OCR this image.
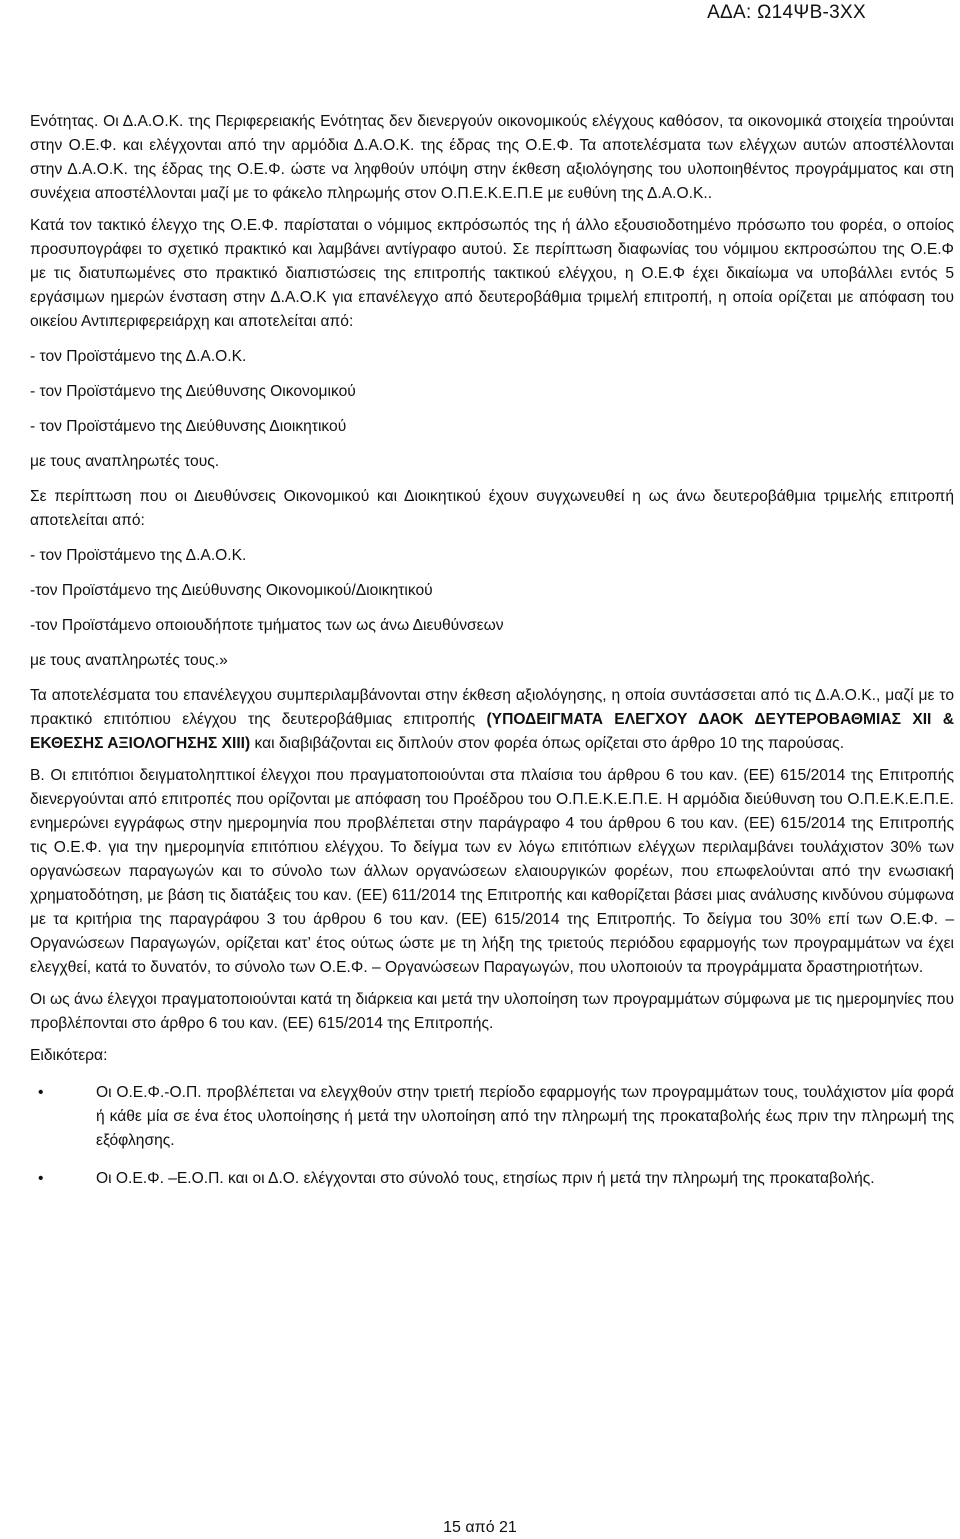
ΑΔΑ: Ω14ΨΒ-3ΧΧ

Ενότητας. Οι Δ.Α.Ο.Κ. της Περιφερειακής Ενότητας δεν διενεργούν οικονομικούς ελέγχους καθόσον, τα οικονομικά στοιχεία τηρούνται στην Ο.Ε.Φ. και ελέγχονται από την αρμόδια Δ.Α.Ο.Κ. της έδρας της Ο.Ε.Φ. Τα αποτελέσματα των ελέγχων αυτών αποστέλλονται στην Δ.Α.Ο.Κ. της έδρας της Ο.Ε.Φ. ώστε να ληφθούν υπόψη στην έκθεση αξιολόγησης του υλοποιηθέντος προγράμματος και στη συνέχεια αποστέλλονται μαζί με το φάκελο πληρωμής στον Ο.Π.Ε.Κ.Ε.Π.Ε με ευθύνη της Δ.Α.Ο.Κ..

Κατά τον τακτικό έλεγχο της Ο.Ε.Φ. παρίσταται ο νόμιμος εκπρόσωπός της ή άλλο εξουσιοδοτημένο πρόσωπο του φορέα, ο οποίος προσυπογράφει το σχετικό πρακτικό και λαμβάνει αντίγραφο αυτού. Σε περίπτωση διαφωνίας του νόμιμου εκπροσώπου της Ο.Ε.Φ με τις διατυπωμένες στο πρακτικό διαπιστώσεις της επιτροπής τακτικού ελέγχου, η Ο.Ε.Φ έχει δικαίωμα να υποβάλλει εντός 5 εργάσιμων ημερών ένσταση στην Δ.Α.Ο.Κ για επανέλεγχο από δευτεροβάθμια τριμελή επιτροπή, η οποία ορίζεται με απόφαση του οικείου Αντιπεριφερειάρχη και αποτελείται από:

- τον Προϊστάμενο της Δ.Α.Ο.Κ.

- τον Προϊστάμενο της Διεύθυνσης Οικονομικού

- τον Προϊστάμενο της Διεύθυνσης Διοικητικού

με τους αναπληρωτές τους.

Σε περίπτωση που οι Διευθύνσεις Οικονομικού και Διοικητικού έχουν συγχωνευθεί η ως άνω δευτεροβάθμια τριμελής επιτροπή αποτελείται από:

- τον Προϊστάμενο της Δ.Α.Ο.Κ.

-τον Προϊστάμενο της Διεύθυνσης Οικονομικού/Διοικητικού

-τον Προϊστάμενο οποιουδήποτε τμήματος των ως άνω Διευθύνσεων

με τους αναπληρωτές τους.»

Τα αποτελέσματα του επανέλεγχου συμπεριλαμβάνονται στην έκθεση αξιολόγησης, η οποία συντάσσεται από τις Δ.Α.Ο.Κ., μαζί με το πρακτικό επιτόπιου ελέγχου της δευτεροβάθμιας επιτροπής (ΥΠΟΔΕΙΓΜΑΤΑ ΕΛΕΓΧΟΥ ΔΑΟΚ ΔΕΥΤΕΡΟΒΑΘΜΙΑΣ ΧΙΙ & ΕΚΘΕΣΗΣ ΑΞΙΟΛΟΓΗΣΗΣ ΧΙΙΙ) και διαβιβάζονται εις διπλούν στον φορέα όπως ορίζεται στο άρθρο 10 της παρούσας.

Β. Οι επιτόπιοι δειγματοληπτικοί έλεγχοι που πραγματοποιούνται στα πλαίσια του άρθρου 6 του καν. (ΕΕ) 615/2014 της Επιτροπής διενεργούνται από επιτροπές που ορίζονται με απόφαση του Προέδρου του Ο.Π.Ε.Κ.Ε.Π.Ε. Η αρμόδια διεύθυνση του Ο.Π.Ε.Κ.Ε.Π.Ε. ενημερώνει εγγράφως στην ημερομηνία που προβλέπεται στην παράγραφο 4 του άρθρου 6 του καν. (ΕΕ) 615/2014 της Επιτροπής τις Ο.Ε.Φ. για την ημερομηνία επιτόπιου ελέγχου. Το δείγμα των εν λόγω επιτόπιων ελέγχων περιλαμβάνει τουλάχιστον 30% των οργανώσεων παραγωγών και το σύνολο των άλλων οργανώσεων ελαιουργικών φορέων, που επωφελούνται από την ενωσιακή χρηματοδότηση, με βάση τις διατάξεις του καν. (ΕΕ) 611/2014 της Επιτροπής και καθορίζεται βάσει μιας ανάλυσης κινδύνου σύμφωνα με τα κριτήρια της παραγράφου 3 του άρθρου 6 του καν. (ΕΕ) 615/2014 της Επιτροπής. Το δείγμα του 30% επί των Ο.Ε.Φ. – Οργανώσεων Παραγωγών, ορίζεται κατ’ έτος ούτως ώστε με τη λήξη της τριετούς περιόδου εφαρμογής των προγραμμάτων να έχει ελεγχθεί, κατά το δυνατόν, το σύνολο των Ο.Ε.Φ. – Οργανώσεων Παραγωγών, που υλοποιούν τα προγράμματα δραστηριοτήτων.

Οι ως άνω έλεγχοι πραγματοποιούνται κατά τη διάρκεια και μετά την υλοποίηση των προγραμμάτων σύμφωνα με τις ημερομηνίες που προβλέπονται στο άρθρο 6 του καν. (ΕΕ) 615/2014 της Επιτροπής.

Ειδικότερα:

•	Οι Ο.Ε.Φ.-Ο.Π. προβλέπεται να ελεγχθούν στην τριετή περίοδο εφαρμογής των προγραμμάτων τους, τουλάχιστον μία φορά ή κάθε μία σε ένα έτος υλοποίησης ή μετά την υλοποίηση από την πληρωμή της προκαταβολής έως πριν την πληρωμή της εξόφλησης.
•	Οι Ο.Ε.Φ. –Ε.Ο.Π. και οι Δ.Ο. ελέγχονται στο σύνολό τους, ετησίως πριν ή μετά την πληρωμή της προκαταβολής.
15 από 21
